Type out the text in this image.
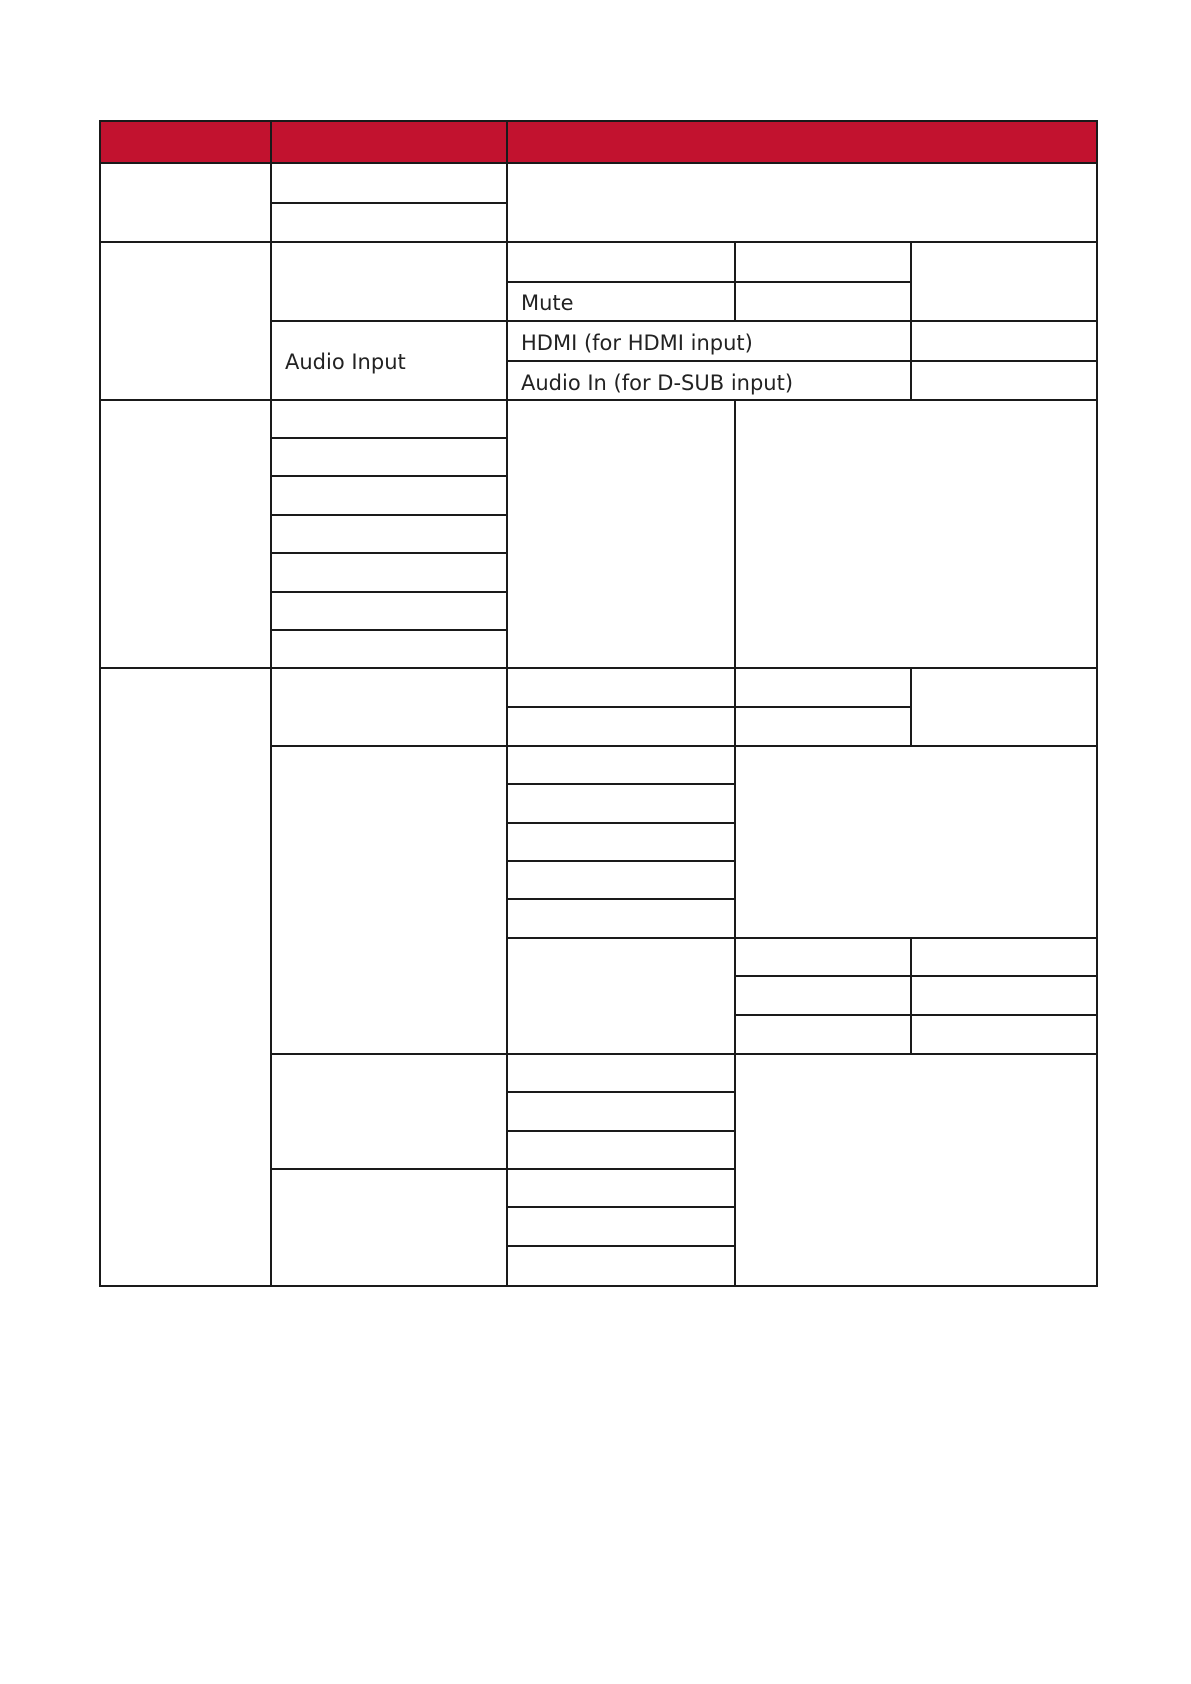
Mute
Audio Input
HDMI (for HDMI input)
Audio In (for D-SUB input)
